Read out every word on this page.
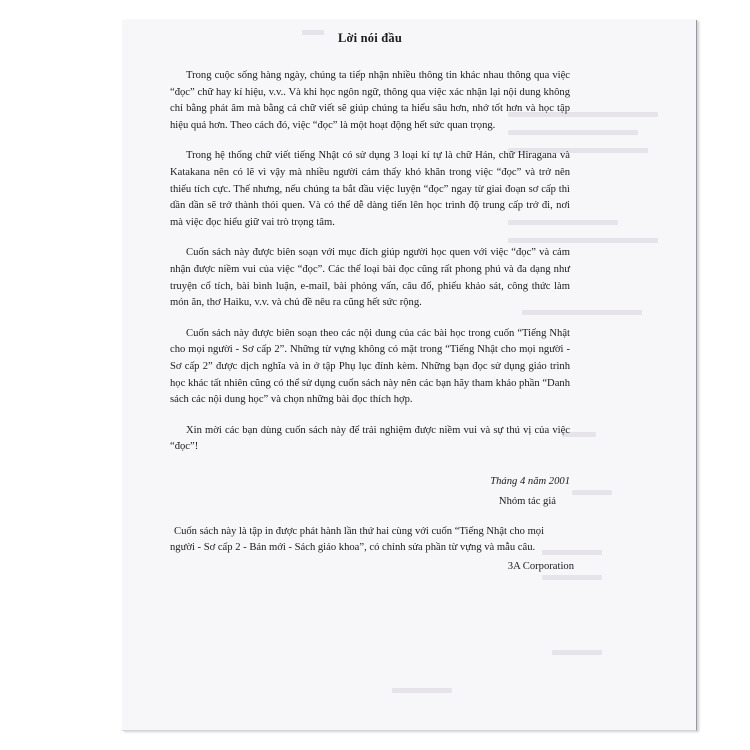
Lời nói đầu

Trong cuộc sống hàng ngày, chúng ta tiếp nhận nhiều thông tin khác nhau thông qua việc “đọc” chữ hay kí hiệu, v.v.. Và khi học ngôn ngữ, thông qua việc xác nhận lại nội dung không chỉ bằng phát âm mà bằng cả chữ viết sẽ giúp chúng ta hiểu sâu hơn, nhớ tốt hơn và học tập hiệu quả hơn. Theo cách đó, việc “đọc” là một hoạt động hết sức quan trọng.

Trong hệ thống chữ viết tiếng Nhật có sử dụng 3 loại kí tự là chữ Hán, chữ Hiragana và Katakana nên có lẽ vì vậy mà nhiều người cảm thấy khó khăn trong việc “đọc” và trở nên thiếu tích cực. Thế nhưng, nếu chúng ta bắt đầu việc luyện “đọc” ngay từ giai đoạn sơ cấp thì dần dần sẽ trở thành thói quen. Và có thể dễ dàng tiến lên học trình độ trung cấp trở đi, nơi mà việc đọc hiểu giữ vai trò trọng tâm.

Cuốn sách này được biên soạn với mục đích giúp người học quen với việc “đọc” và cảm nhận được niềm vui của việc “đọc”. Các thể loại bài đọc cũng rất phong phú và đa dạng như truyện cổ tích, bài bình luận, e-mail, bài phỏng vấn, câu đố, phiếu khảo sát, công thức làm món ăn, thơ Haiku, v.v. và chủ đề nêu ra cũng hết sức rộng.

Cuốn sách này được biên soạn theo các nội dung của các bài học trong cuốn “Tiếng Nhật cho mọi người - Sơ cấp 2”. Những từ vựng không có mặt trong “Tiếng Nhật cho mọi người - Sơ cấp 2” được dịch nghĩa và in ở tập Phụ lục đính kèm. Những bạn đọc sử dụng giáo trình học khác tất nhiên cũng có thể sử dụng cuốn sách này nên các bạn hãy tham khảo phần “Danh sách các nội dung học” và chọn những bài đọc thích hợp.

Xin mời các bạn dùng cuốn sách này để trải nghiệm được niềm vui và sự thú vị của việc “đọc”!

Tháng 4 năm 2001

Nhóm tác giả

Cuốn sách này là tập in được phát hành lần thứ hai cùng với cuốn “Tiếng Nhật cho mọi người - Sơ cấp 2 - Bản mới - Sách giáo khoa”, có chỉnh sửa phần từ vựng và mẫu câu.

3A Corporation
